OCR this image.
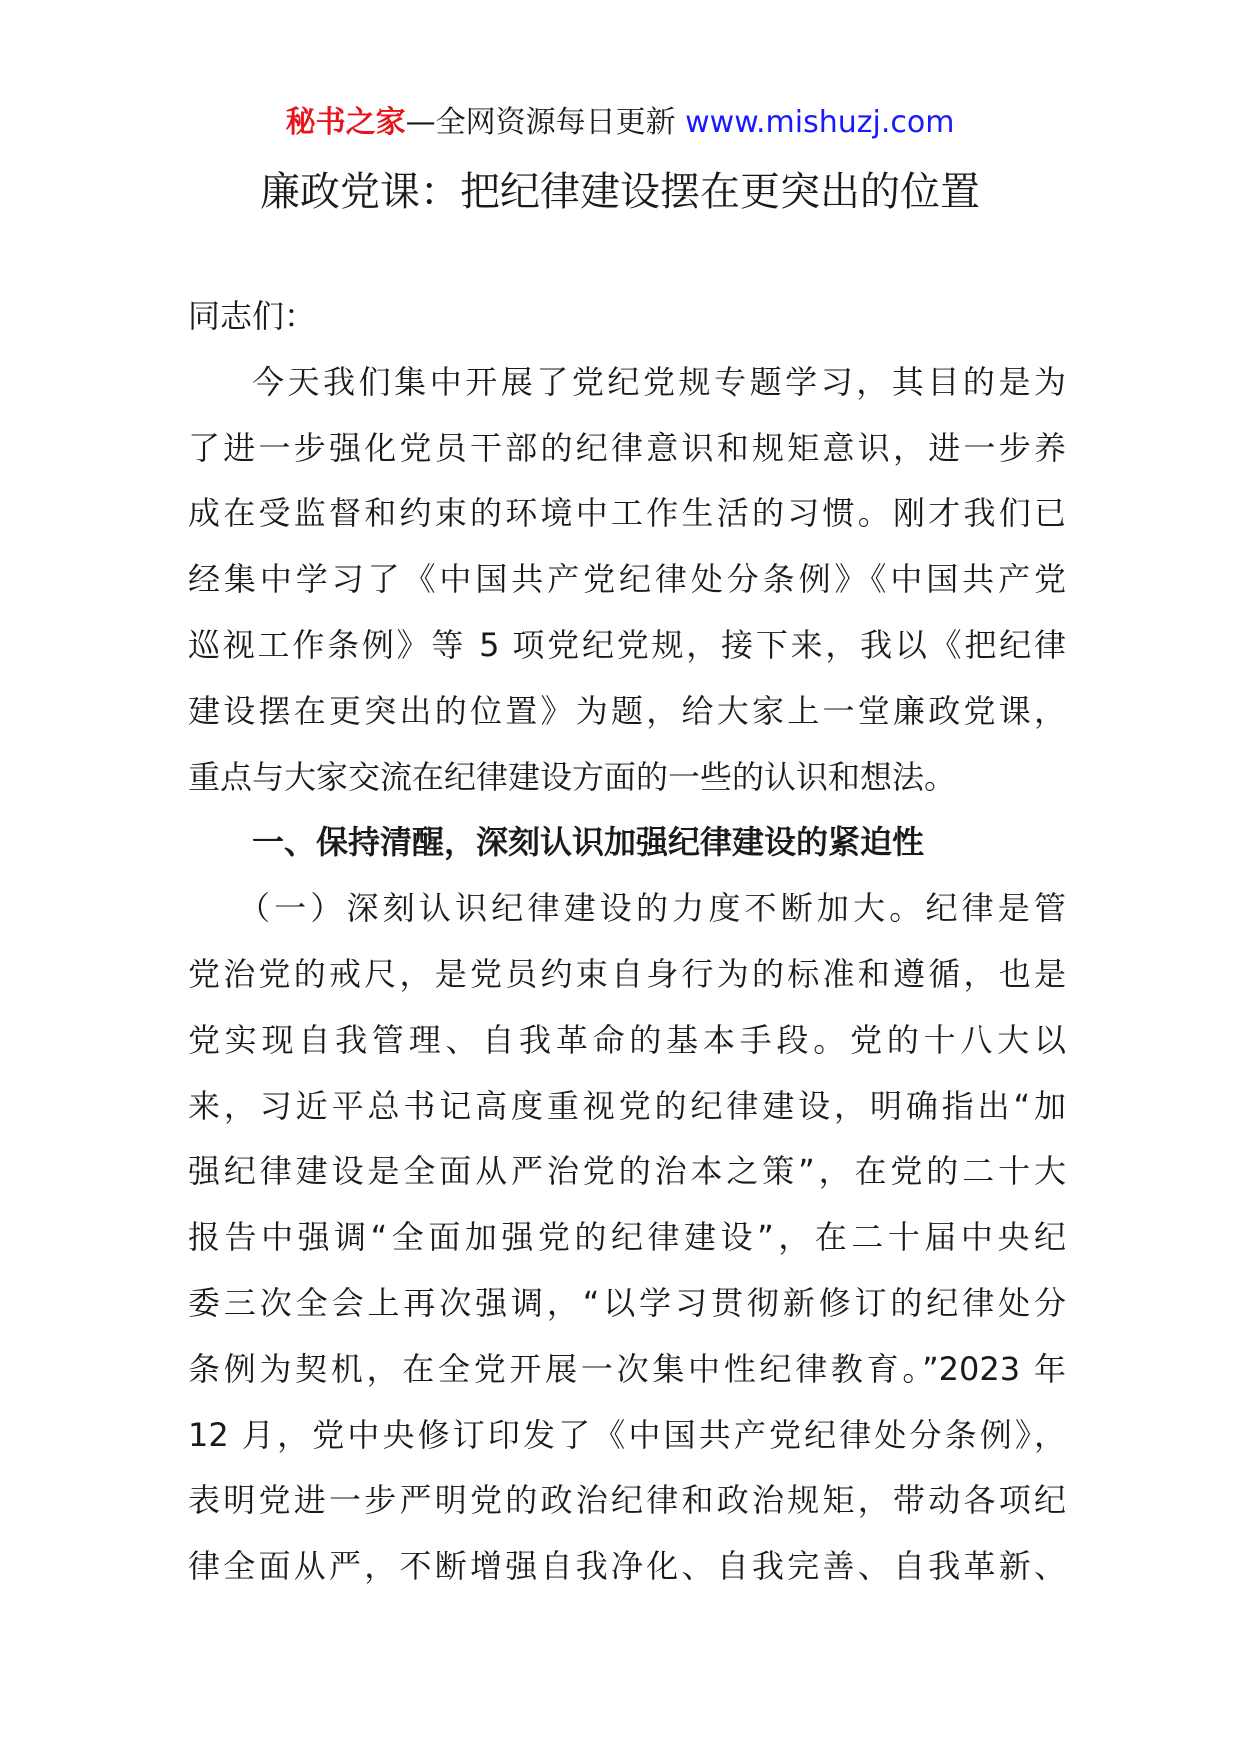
秘书之家—全网资源每日更新 www.mishuzj.com
廉政党课：把纪律建设摆在更突出的位置
同志们：
今天我们集中开展了党纪党规专题学习，其目的是为
了进一步强化党员干部的纪律意识和规矩意识，进一步养
成在受监督和约束的环境中工作生活的习惯。刚才我们已
经集中学习了《中国共产党纪律处分条例》《中国共产党
巡视工作条例》等 5 项党纪党规，接下来，我以《把纪律
建设摆在更突出的位置》为题，给大家上一堂廉政党课，
重点与大家交流在纪律建设方面的一些的认识和想法。
一、保持清醒，深刻认识加强纪律建设的紧迫性
（一）深刻认识纪律建设的力度不断加大。纪律是管
党治党的戒尺，是党员约束自身行为的标准和遵循，也是
党实现自我管理、自我革命的基本手段。党的十八大以
来，习近平总书记高度重视党的纪律建设，明确指出“加
强纪律建设是全面从严治党的治本之策”，在党的二十大
报告中强调“全面加强党的纪律建设”，在二十届中央纪
委三次全会上再次强调，“以学习贯彻新修订的纪律处分
条例为契机，在全党开展一次集中性纪律教育。”2023 年
12 月，党中央修订印发了《中国共产党纪律处分条例》，
表明党进一步严明党的政治纪律和政治规矩，带动各项纪
律全面从严，不断增强自我净化、自我完善、自我革新、
